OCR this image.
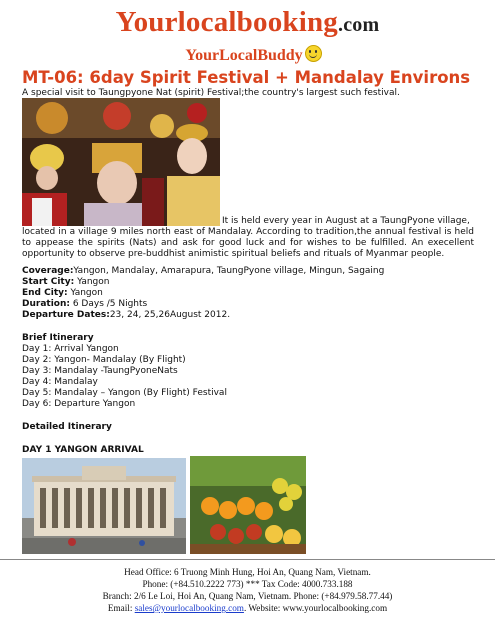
Yourlocalbooking.com
YourLocalBuddy
MT-06: 6day Spirit Festival + Mandalay Environs
A special visit to Taungpyone Nat (spirit) Festival;the country's largest such festival.
It is held every year in August at a TaungPyone village,
located in a village 9 miles north east of Mandalay. According to tradition,the annual festival is held to appease the spirits (Nats) and ask for good luck and for wishes to be fulfilled. An execellent opportunity to observe pre-buddhist animistic spiritual beliefs and rituals of Myanmar people.
Coverage:Yangon, Mandalay, Amarapura, TaungPyone village, Mingun, Sagaing
Start City: Yangon
End City: Yangon
Duration: 6 Days /5 Nights
Departure Dates:23, 24, 25,26August 2012.
Brief Itinerary
Day 1: Arrival Yangon
Day 2: Yangon- Mandalay (By Flight)
Day 3: Mandalay -TaungPyoneNats
Day 4: Mandalay
Day 5: Mandalay – Yangon (By Flight) Festival
Day 6: Departure Yangon
Detailed Itinerary
DAY 1 YANGON ARRIVAL
Head Office: 6 Truong Minh Hung, Hoi An, Quang Nam, Vietnam.
Phone: (+84.510.2222 773) *** Tax Code: 4000.733.188
Branch: 2/6 Le Loi, Hoi An, Quang Nam, Vietnam. Phone: (+84.979.58.77.44)
Email: sales@yourlocalbooking.com. Website: www.yourlocalbooking.com
